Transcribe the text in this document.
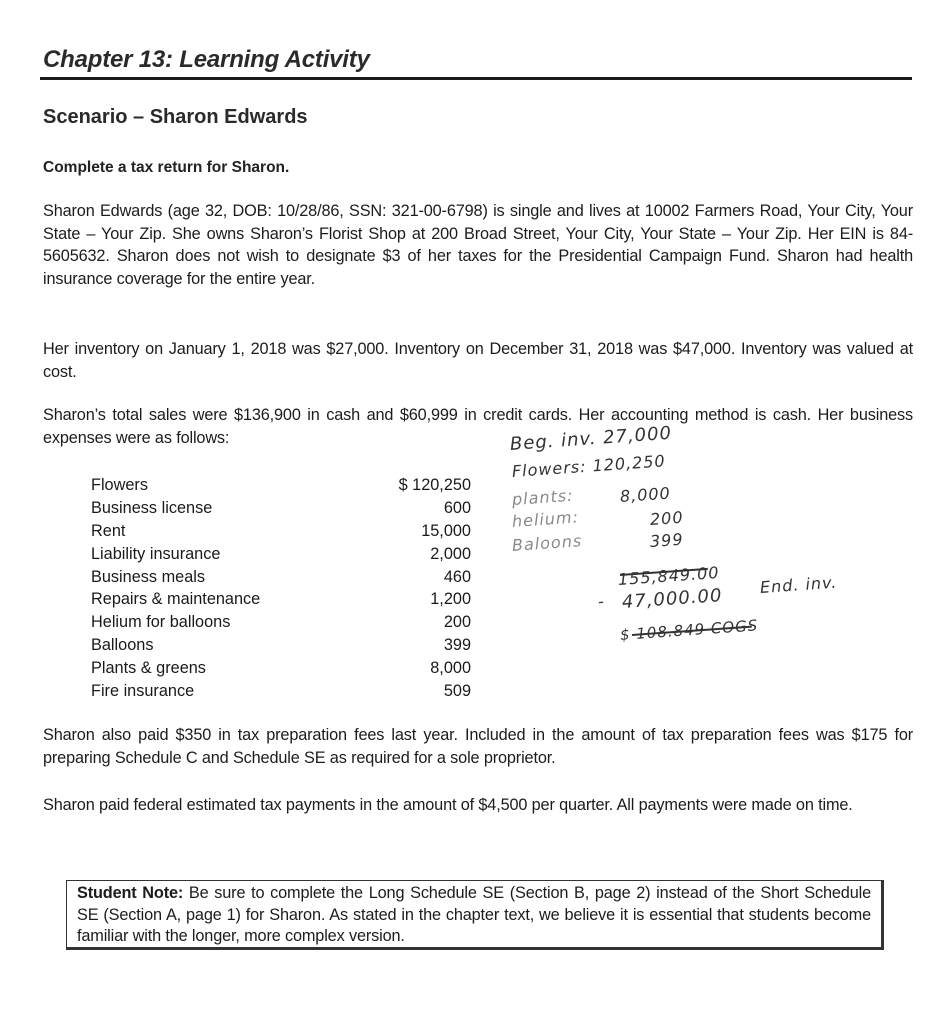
Chapter 13: Learning Activity
Scenario – Sharon Edwards
Complete a tax return for Sharon.
Sharon Edwards (age 32, DOB: 10/28/86, SSN: 321-00-6798) is single and lives at 10002 Farmers Road, Your City, Your State – Your Zip. She owns Sharon’s Florist Shop at 200 Broad Street, Your City, Your State – Your Zip. Her EIN is 84-5605632. Sharon does not wish to designate $3 of her taxes for the Presidential Campaign Fund. Sharon had health insurance coverage for the entire year.
Her inventory on January 1, 2018 was $27,000. Inventory on December 31, 2018 was $47,000. Inventory was valued at cost.
Sharon’s total sales were $136,900 in cash and $60,999 in credit cards. Her accounting method is cash. Her business expenses were as follows:
Flowers	$ 120,250
Business license	600
Rent	15,000
Liability insurance	2,000
Business meals	460
Repairs & maintenance	1,200
Helium for balloons	200
Balloons	399
Plants & greens	8,000
Fire insurance	509
Beg. inv. 27,000
Flowers: 120,250
plants:	8,000
helium:	200
Baloons	399
155,849.00
- 47,000.00
End. inv.
$ 108.849 COGS
Sharon also paid $350 in tax preparation fees last year. Included in the amount of tax preparation fees was $175 for preparing Schedule C and Schedule SE as required for a sole proprietor.
Sharon paid federal estimated tax payments in the amount of $4,500 per quarter. All payments were made on time.
Student Note: Be sure to complete the Long Schedule SE (Section B, page 2) instead of the Short Schedule SE (Section A, page 1) for Sharon. As stated in the chapter text, we believe it is essential that students become familiar with the longer, more complex version.
